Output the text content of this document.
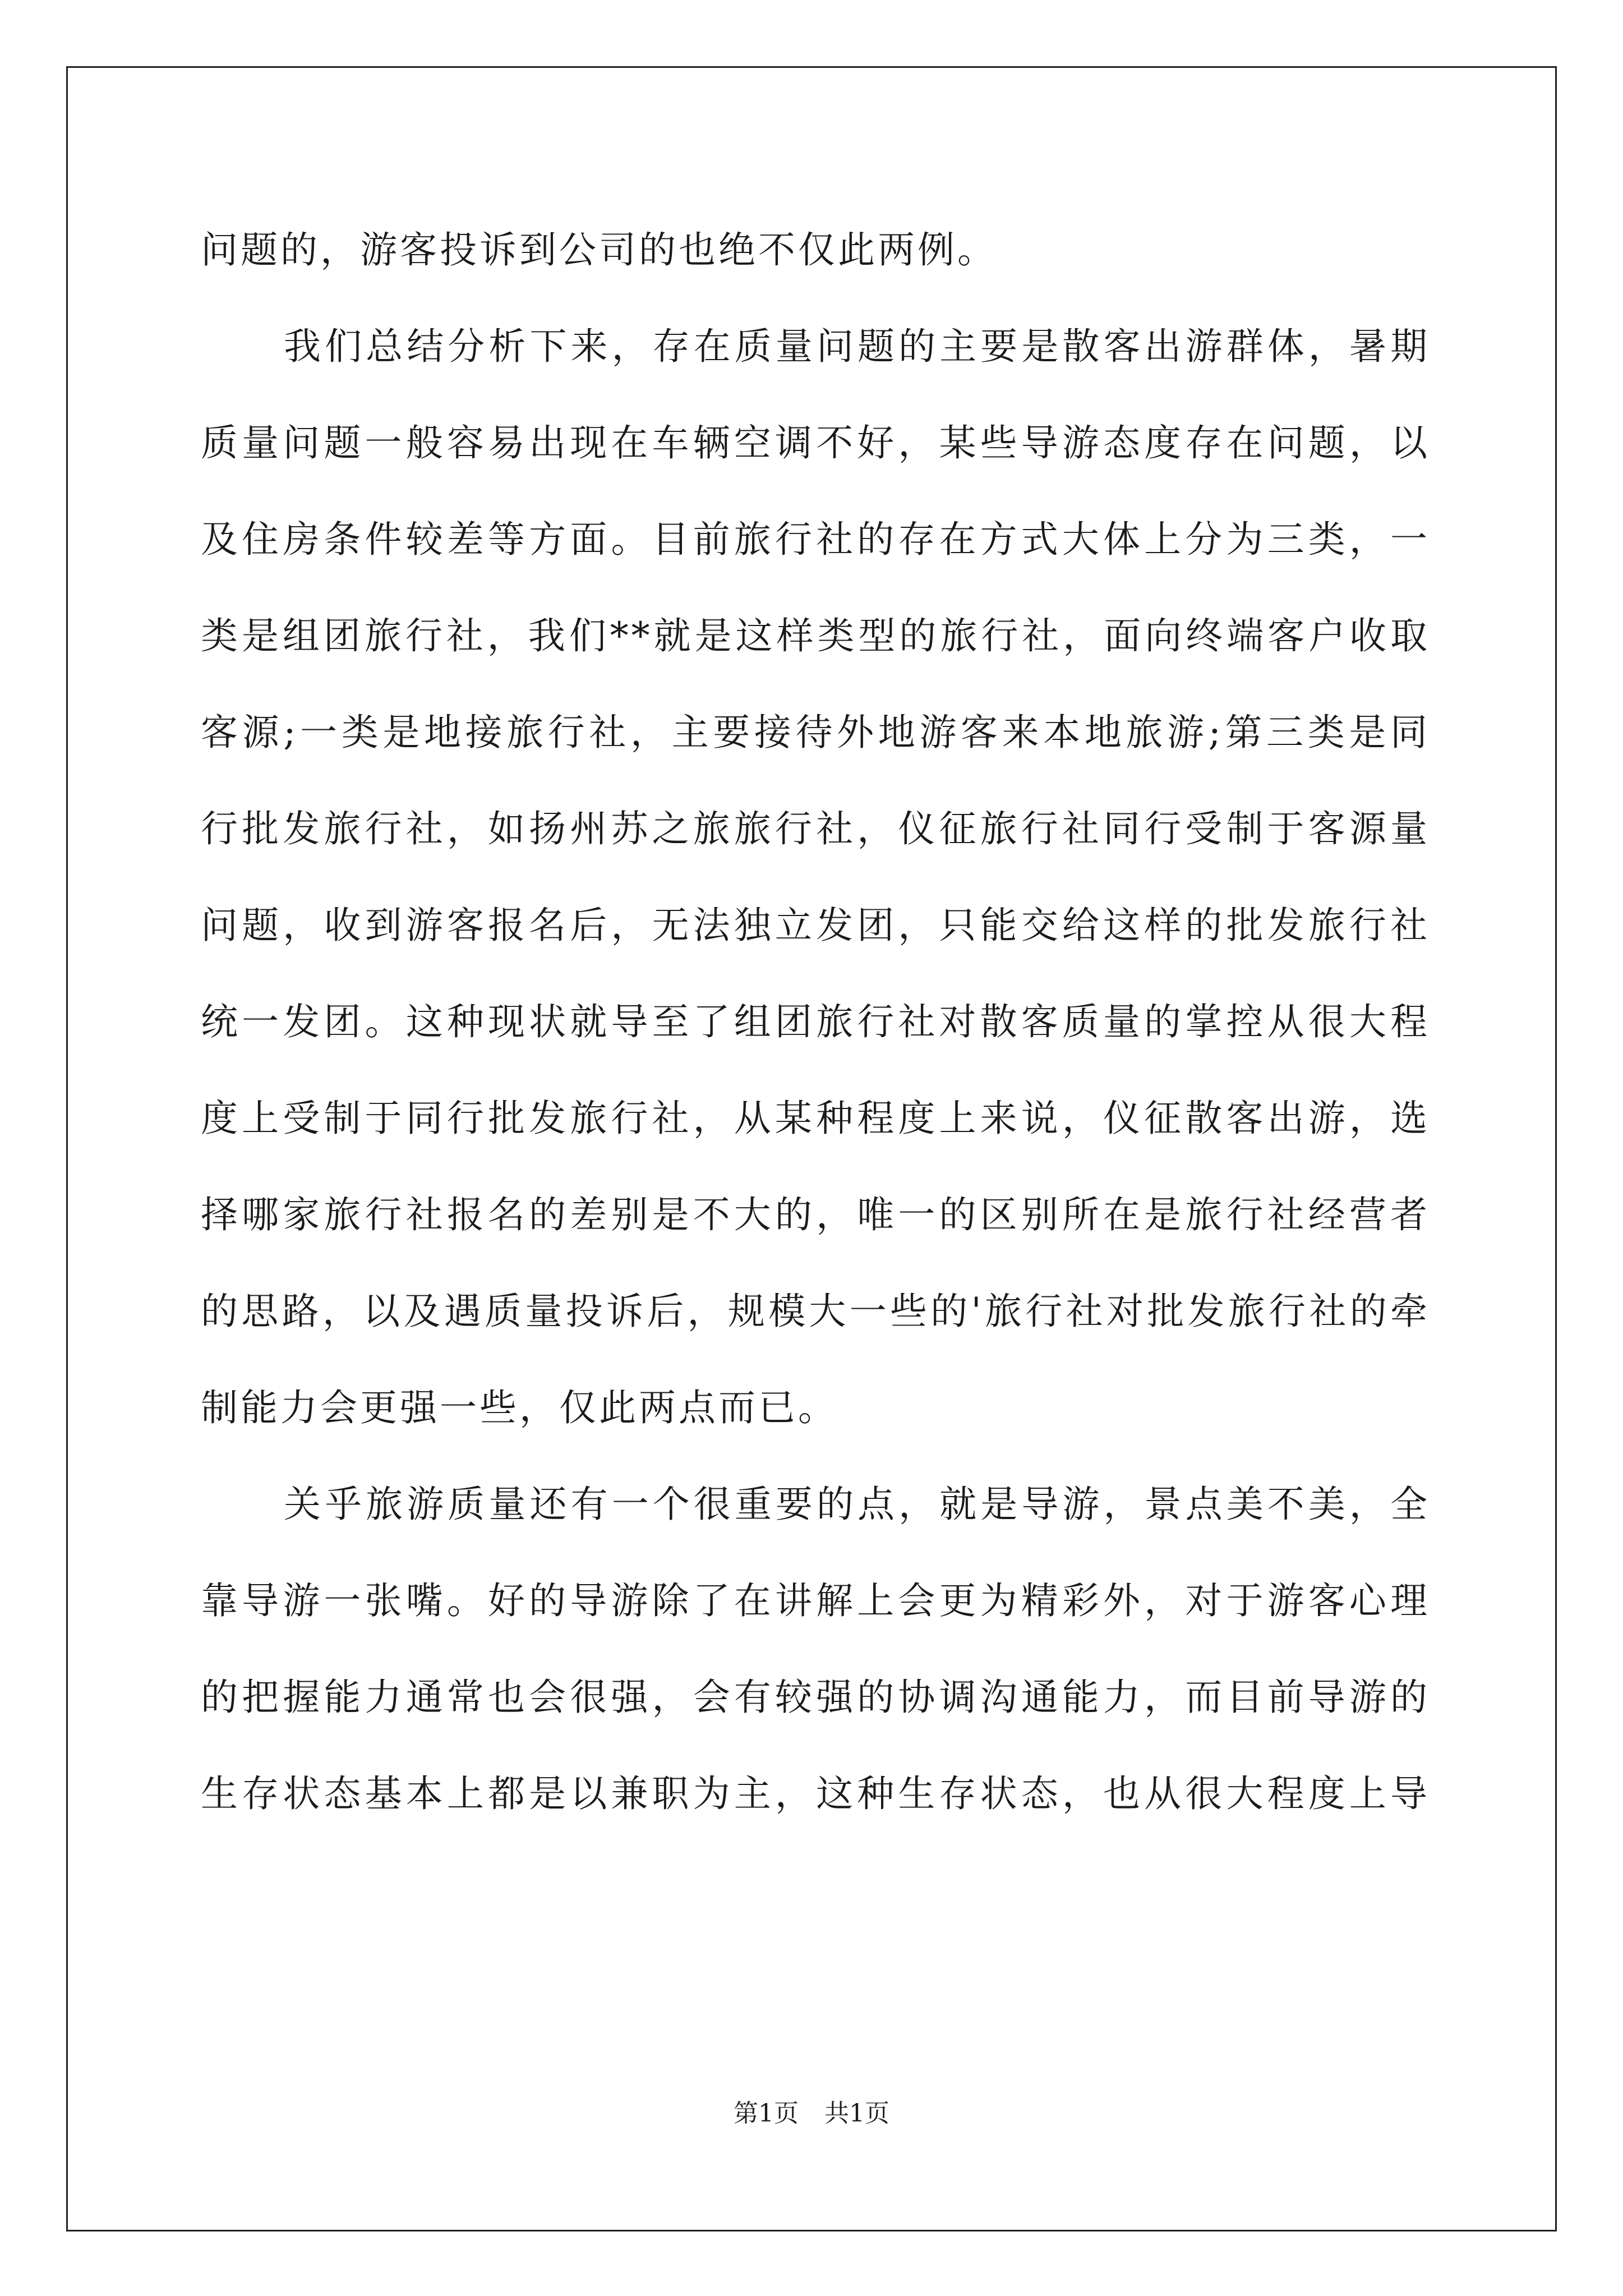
问题的，游客投诉到公司的也绝不仅此两例。
我们总结分析下来，存在质量问题的主要是散客出游群体，暑期
质量问题一般容易出现在车辆空调不好，某些导游态度存在问题，以
及住房条件较差等方面。目前旅行社的存在方式大体上分为三类，一
类是组团旅行社，我们**就是这样类型的旅行社，面向终端客户收取
客源;一类是地接旅行社，主要接待外地游客来本地旅游;第三类是同
行批发旅行社，如扬州苏之旅旅行社，仪征旅行社同行受制于客源量
问题，收到游客报名后，无法独立发团，只能交给这样的批发旅行社
统一发团。这种现状就导至了组团旅行社对散客质量的掌控从很大程
度上受制于同行批发旅行社，从某种程度上来说，仪征散客出游，选
择哪家旅行社报名的差别是不大的，唯一的区别所在是旅行社经营者
的思路，以及遇质量投诉后，规模大一些的'旅行社对批发旅行社的牵
制能力会更强一些，仅此两点而已。
关乎旅游质量还有一个很重要的点，就是导游，景点美不美，全
靠导游一张嘴。好的导游除了在讲解上会更为精彩外，对于游客心理
的把握能力通常也会很强，会有较强的协调沟通能力，而目前导游的
生存状态基本上都是以兼职为主，这种生存状态，也从很大程度上导
第1页 共1页
